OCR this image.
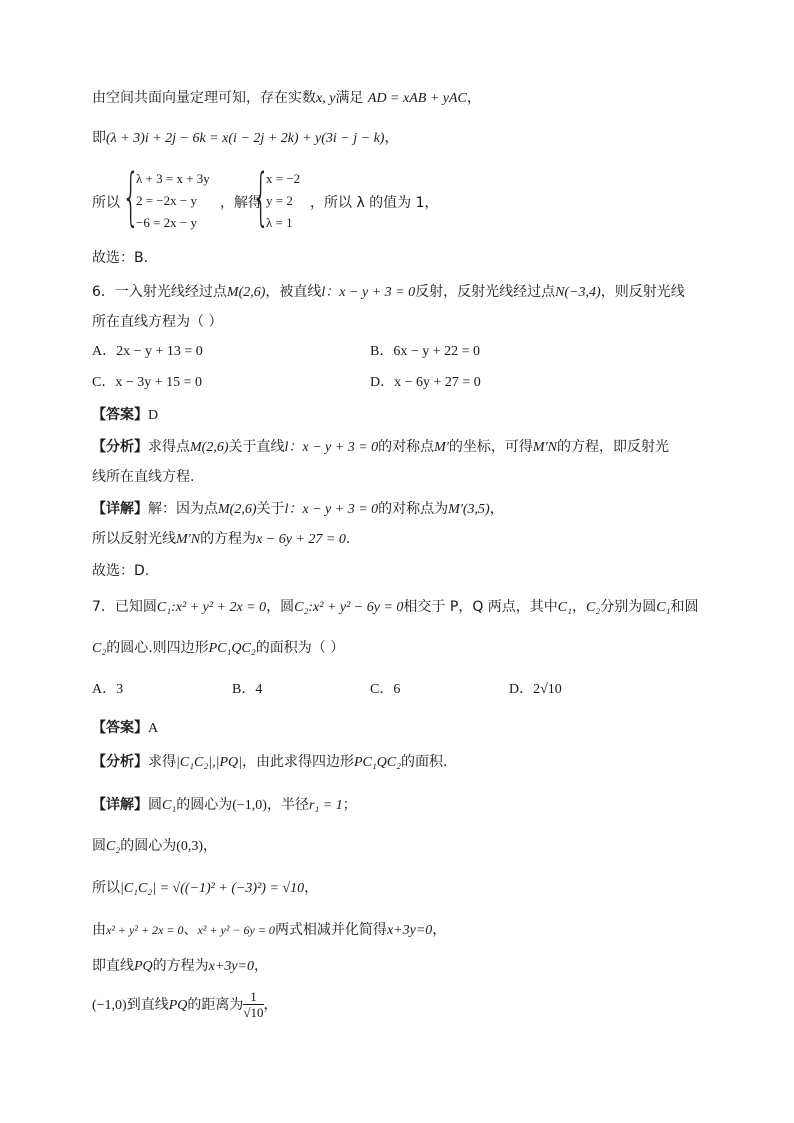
由空间共面向量定理可知，存在实数x, y满足 AD = xAB + yAC，
即(λ + 3)i + 2j − 6k = x(i − 2j + 2k) + y(3i − j − k)，
所以 {
λ + 3 = x + 3y
2 = −2x − y
−6 = 2x − y
，解得
{
x = −2
y = 2
λ = 1
，所以 λ 的值为 1，
故选：B.
6．一入射光线经过点M(2,6)，被直线l：x − y + 3 = 0反射，反射光线经过点N(−3,4)，则反射光线
所在直线方程为（ ）
A．2x − y + 13 = 0	B．6x − y + 22 = 0
C．x − 3y + 15 = 0	D．x − 6y + 27 = 0
【答案】D
【分析】求得点M(2,6)关于直线l：x − y + 3 = 0的对称点M′的坐标，可得M′N的方程，即反射光
线所在直线方程.
【详解】解：因为点M(2,6)关于l：x − y + 3 = 0的对称点为M′(3,5)，
所以反射光线M′N的方程为x − 6y + 27 = 0.
故选：D.
7．已知圆C₁:x² + y² + 2x = 0，圆C₂:x² + y² − 6y = 0相交于 P，Q 两点，其中C₁，C₂分别为圆C₁和圆
C₂的圆心.则四边形PC₁QC₂的面积为（ ）
A．3	B．4	C．6	D．2√10
【答案】A
【分析】求得|C₁C₂|,|PQ|，由此求得四边形PC₁QC₂的面积.
【详解】圆C₁的圆心为(−1,0)，半径r₁ = 1；
圆C₂的圆心为(0,3)，
所以|C₁C₂| = √((−1)² + (−3)²) = √10，
由x² + y² + 2x = 0、x² + y² − 6y = 0两式相减并化简得x+3y=0，
即直线PQ的方程为x+3y=0，
(−1,0)到直线PQ的距离为 $\frac{1}{√10}$ ，
